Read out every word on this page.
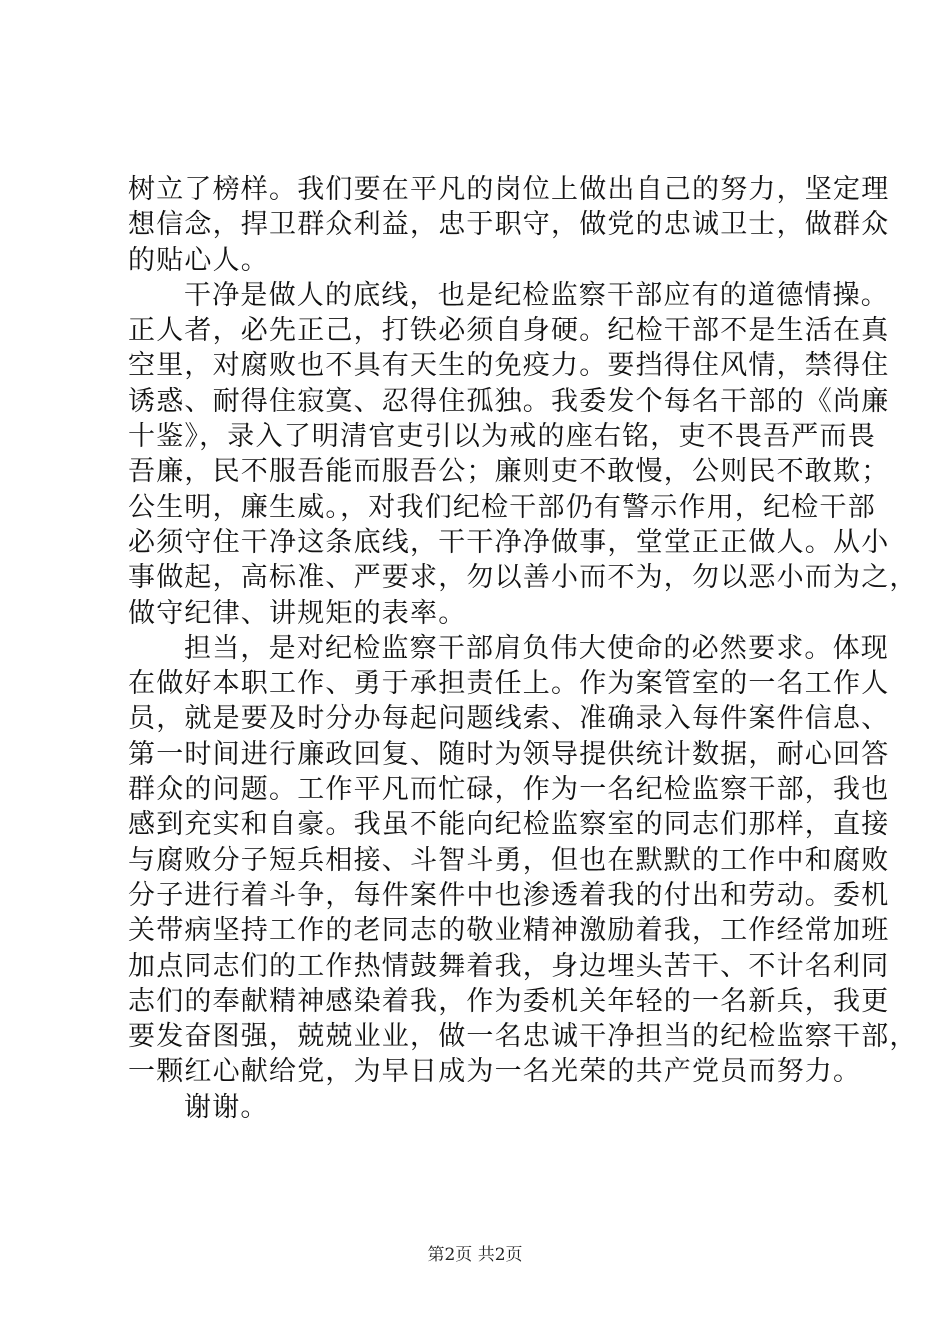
树立了榜样。我们要在平凡的岗位上做出自己的努力，坚定理
想信念，捍卫群众利益，忠于职守，做党的忠诚卫士，做群众
的贴心人。
干净是做人的底线，也是纪检监察干部应有的道德情操。
正人者，必先正己，打铁必须自身硬。纪检干部不是生活在真
空里，对腐败也不具有天生的免疫力。要挡得住风情，禁得住
诱惑、耐得住寂寞、忍得住孤独。我委发个每名干部的《尚廉
十鉴》，录入了明清官吏引以为戒的座右铭，吏不畏吾严而畏
吾廉，民不服吾能而服吾公；廉则吏不敢慢，公则民不敢欺；
公生明，廉生威。，对我们纪检干部仍有警示作用，纪检干部
必须守住干净这条底线，干干净净做事，堂堂正正做人。从小
事做起，高标准、严要求，勿以善小而不为，勿以恶小而为之，
做守纪律、讲规矩的表率。
担当，是对纪检监察干部肩负伟大使命的必然要求。体现
在做好本职工作、勇于承担责任上。作为案管室的一名工作人
员，就是要及时分办每起问题线索、准确录入每件案件信息、
第一时间进行廉政回复、随时为领导提供统计数据，耐心回答
群众的问题。工作平凡而忙碌，作为一名纪检监察干部，我也
感到充实和自豪。我虽不能向纪检监察室的同志们那样，直接
与腐败分子短兵相接、斗智斗勇，但也在默默的工作中和腐败
分子进行着斗争，每件案件中也渗透着我的付出和劳动。委机
关带病坚持工作的老同志的敬业精神激励着我，工作经常加班
加点同志们的工作热情鼓舞着我，身边埋头苦干、不计名利同
志们的奉献精神感染着我，作为委机关年轻的一名新兵，我更
要发奋图强，兢兢业业，做一名忠诚干净担当的纪检监察干部，
一颗红心献给党，为早日成为一名光荣的共产党员而努力。
谢谢。
第2页 共2页
